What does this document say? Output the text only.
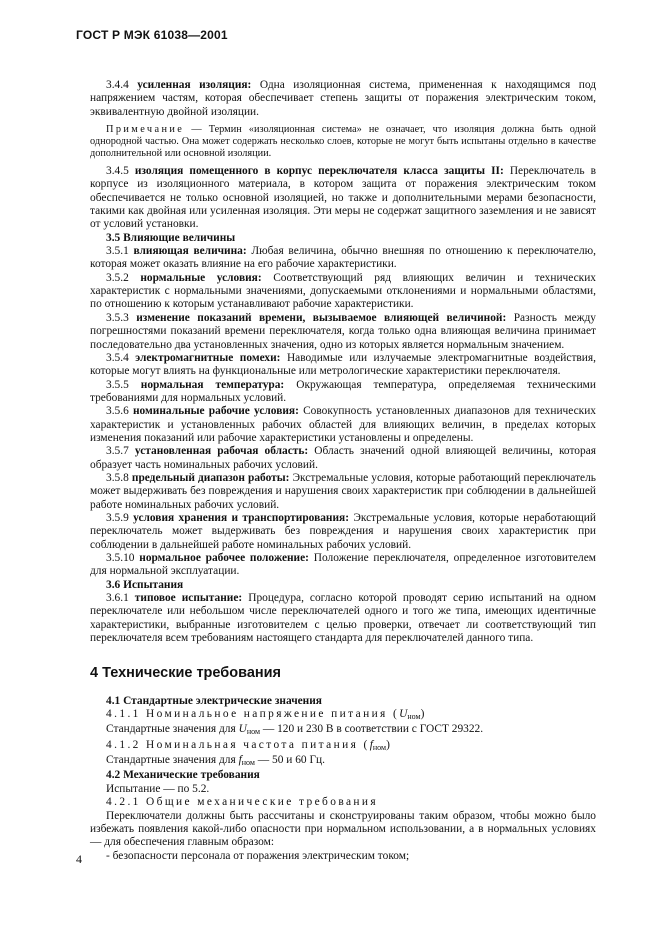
ГОСТ Р МЭК 61038—2001

3.4.4 усиленная изоляция: Одна изоляционная система, примененная к находящимся под напряжением частям, которая обеспечивает степень защиты от поражения электрическим током, эквивалентную двойной изоляции.

Примечание — Термин «изоляционная система» не означает, что изоляция должна быть одной однородной частью. Она может содержать несколько слоев, которые не могут быть испытаны отдельно в качестве дополнительной или основной изоляции.

3.4.5 изоляция помещенного в корпус переключателя класса защиты II: Переключатель в корпусе из изоляционного материала, в котором защита от поражения электрическим током обеспечивается не только основной изоляцией, но также и дополнительными мерами безопасности, такими как двойная или усиленная изоляция. Эти меры не содержат защитного заземления и не зависят от условий установки.

3.5 Влияющие величины

3.5.1 влияющая величина: Любая величина, обычно внешняя по отношению к переключателю, которая может оказать влияние на его рабочие характеристики.

3.5.2 нормальные условия: Соответствующий ряд влияющих величин и технических характеристик с нормальными значениями, допускаемыми отклонениями и нормальными областями, по отношению к которым устанавливают рабочие характеристики.

3.5.3 изменение показаний времени, вызываемое влияющей величиной: Разность между погрешностями показаний времени переключателя, когда только одна влияющая величина принимает последовательно два установленных значения, одно из которых является нормальным значением.

3.5.4 электромагнитные помехи: Наводимые или излучаемые электромагнитные воздействия, которые могут влиять на функциональные или метрологические характеристики переключателя.

3.5.5 нормальная температура: Окружающая температура, определяемая техническими требованиями для нормальных условий.

3.5.6 номинальные рабочие условия: Совокупность установленных диапазонов для технических характеристик и установленных рабочих областей для влияющих величин, в пределах которых изменения показаний или рабочие характеристики установлены и определены.

3.5.7 установленная рабочая область: Область значений одной влияющей величины, которая образует часть номинальных рабочих условий.

3.5.8 предельный диапазон работы: Экстремальные условия, которые работающий переключатель может выдерживать без повреждения и нарушения своих характеристик при соблюдении в дальнейшей работе номинальных рабочих условий.

3.5.9 условия хранения и транспортирования: Экстремальные условия, которые неработающий переключатель может выдерживать без повреждения и нарушения своих характеристик при соблюдении в дальнейшей работе номинальных рабочих условий.

3.5.10 нормальное рабочее положение: Положение переключателя, определенное изготовителем для нормальной эксплуатации.

3.6 Испытания

3.6.1 типовое испытание: Процедура, согласно которой проводят серию испытаний на одном переключателе или небольшом числе переключателей одного и того же типа, имеющих идентичные характеристики, выбранные изготовителем с целью проверки, отвечает ли соответствующий тип переключателя всем требованиям настоящего стандарта для переключателей данного типа.

4 Технические требования

4.1 Стандартные электрические значения

4.1.1 Номинальное напряжение питания $(U_{ном})$

Стандартные значения для $U_{ном}$ — 120 и 230 В в соответствии с ГОСТ 29322.

4.1.2 Номинальная частота питания $(f_{ном})$

Стандартные значения для $f_{ном}$ — 50 и 60 Гц.

4.2 Механические требования

Испытание — по 5.2.

4.2.1 Общие механические требования

Переключатели должны быть рассчитаны и сконструированы таким образом, чтобы можно было избежать появления какой-либо опасности при нормальном использовании, а в нормальных условиях — для обеспечения главным образом:

- безопасности персонала от поражения электрическим током;

4
